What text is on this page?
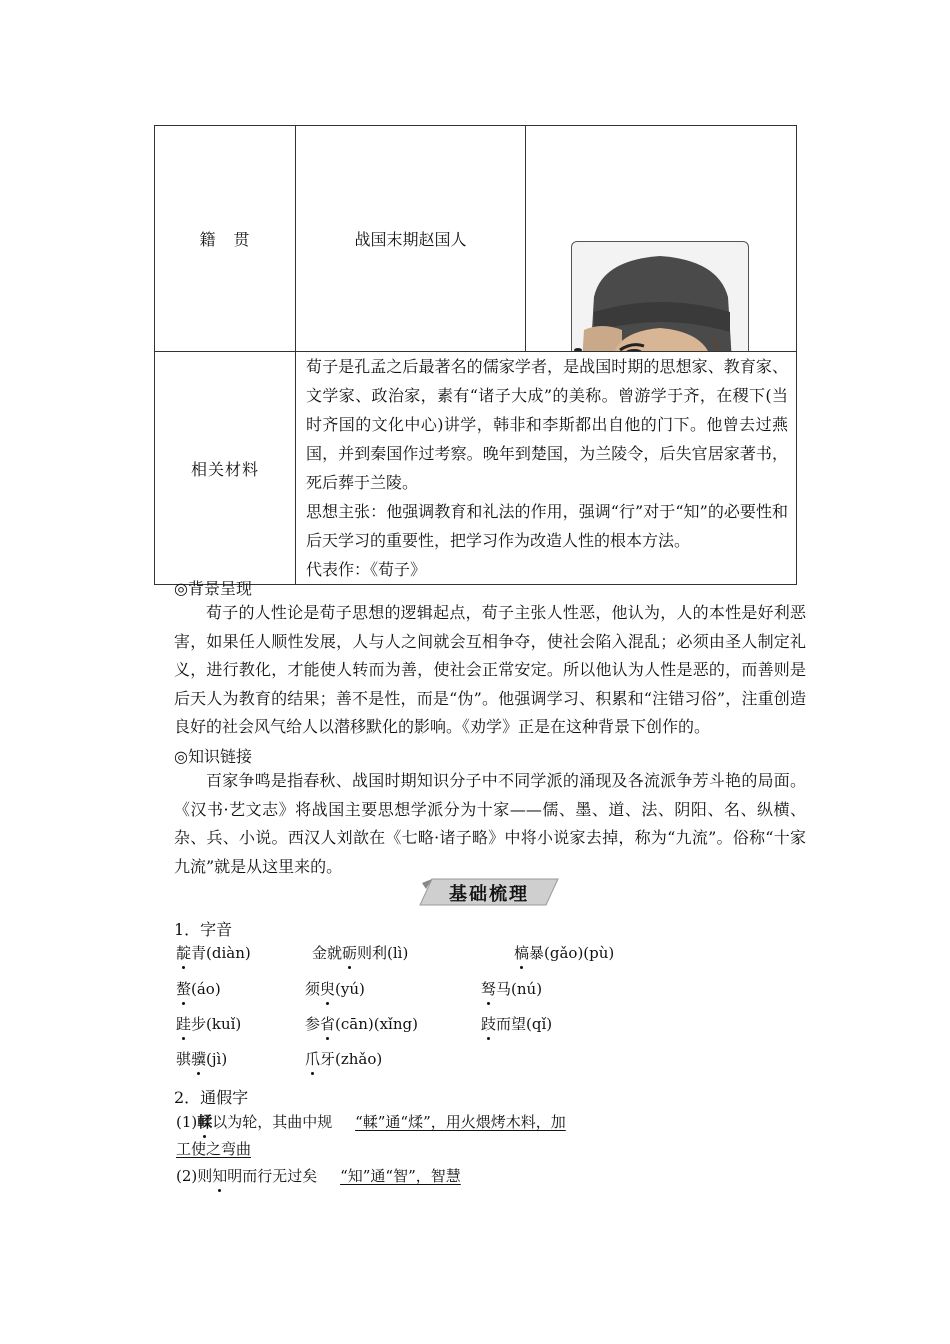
籍　贯	战国末期赵国人	

相关材料	荀子是孔孟之后最著名的儒家学者，是战国时期的思想家、教育家、文学家、政治家，素有“诸子大成”的美称。曾游学于齐，在稷下(当时齐国的文化中心)讲学，韩非和李斯都出自他的门下。他曾去过燕国，并到秦国作过考察。晚年到楚国，为兰陵令，后失官居家著书，死后葬于兰陵。

思想主张：他强调教育和礼法的作用，强调“行”对于“知”的必要性和后天学习的重要性，把学习作为改造人性的根本方法。

代表作：《荀子》	

◎背景呈现
荀子的人性论是荀子思想的逻辑起点，荀子主张人性恶，他认为，人的本性是好利恶害，如果任人顺性发展，人与人之间就会互相争夺，使社会陷入混乱；必须由圣人制定礼义，进行教化，才能使人转而为善，使社会正常安定。所以他认为人性是恶的，而善则是后天人为教育的结果；善不是性，而是“伪”。他强调学习、积累和“注错习俗”，注重创造良好的社会风气给人以潜移默化的影响。《劝学》正是在这种背景下创作的。
◎知识链接
百家争鸣是指春秋、战国时期知识分子中不同学派的涌现及各流派争芳斗艳的局面。《汉书·艺文志》将战国主要思想学派分为十家——儒、墨、道、法、阴阳、名、纵横、杂、兵、小说。西汉人刘歆在《七略·诸子略》中将小说家去掉，称为“九流”。俗称“十家九流”就是从这里来的。
基础梳理
1．字音
靛青(diàn)	金就砺则利(lì)	槁暴(gǎo)(pù)
螯(áo)	须臾(yú)	驽马(nú)
跬步(kuǐ)	参省(cān)(xǐng)	跂而望(qǐ)
骐骥(jì)	爪牙(zhǎo)
2．通假字
(1)輮以为轮，其曲中规 “輮”通“煣”，用火煨烤木料，加
工使之弯曲
(2)则知明而行无过矣 “知”通“智”，智慧
